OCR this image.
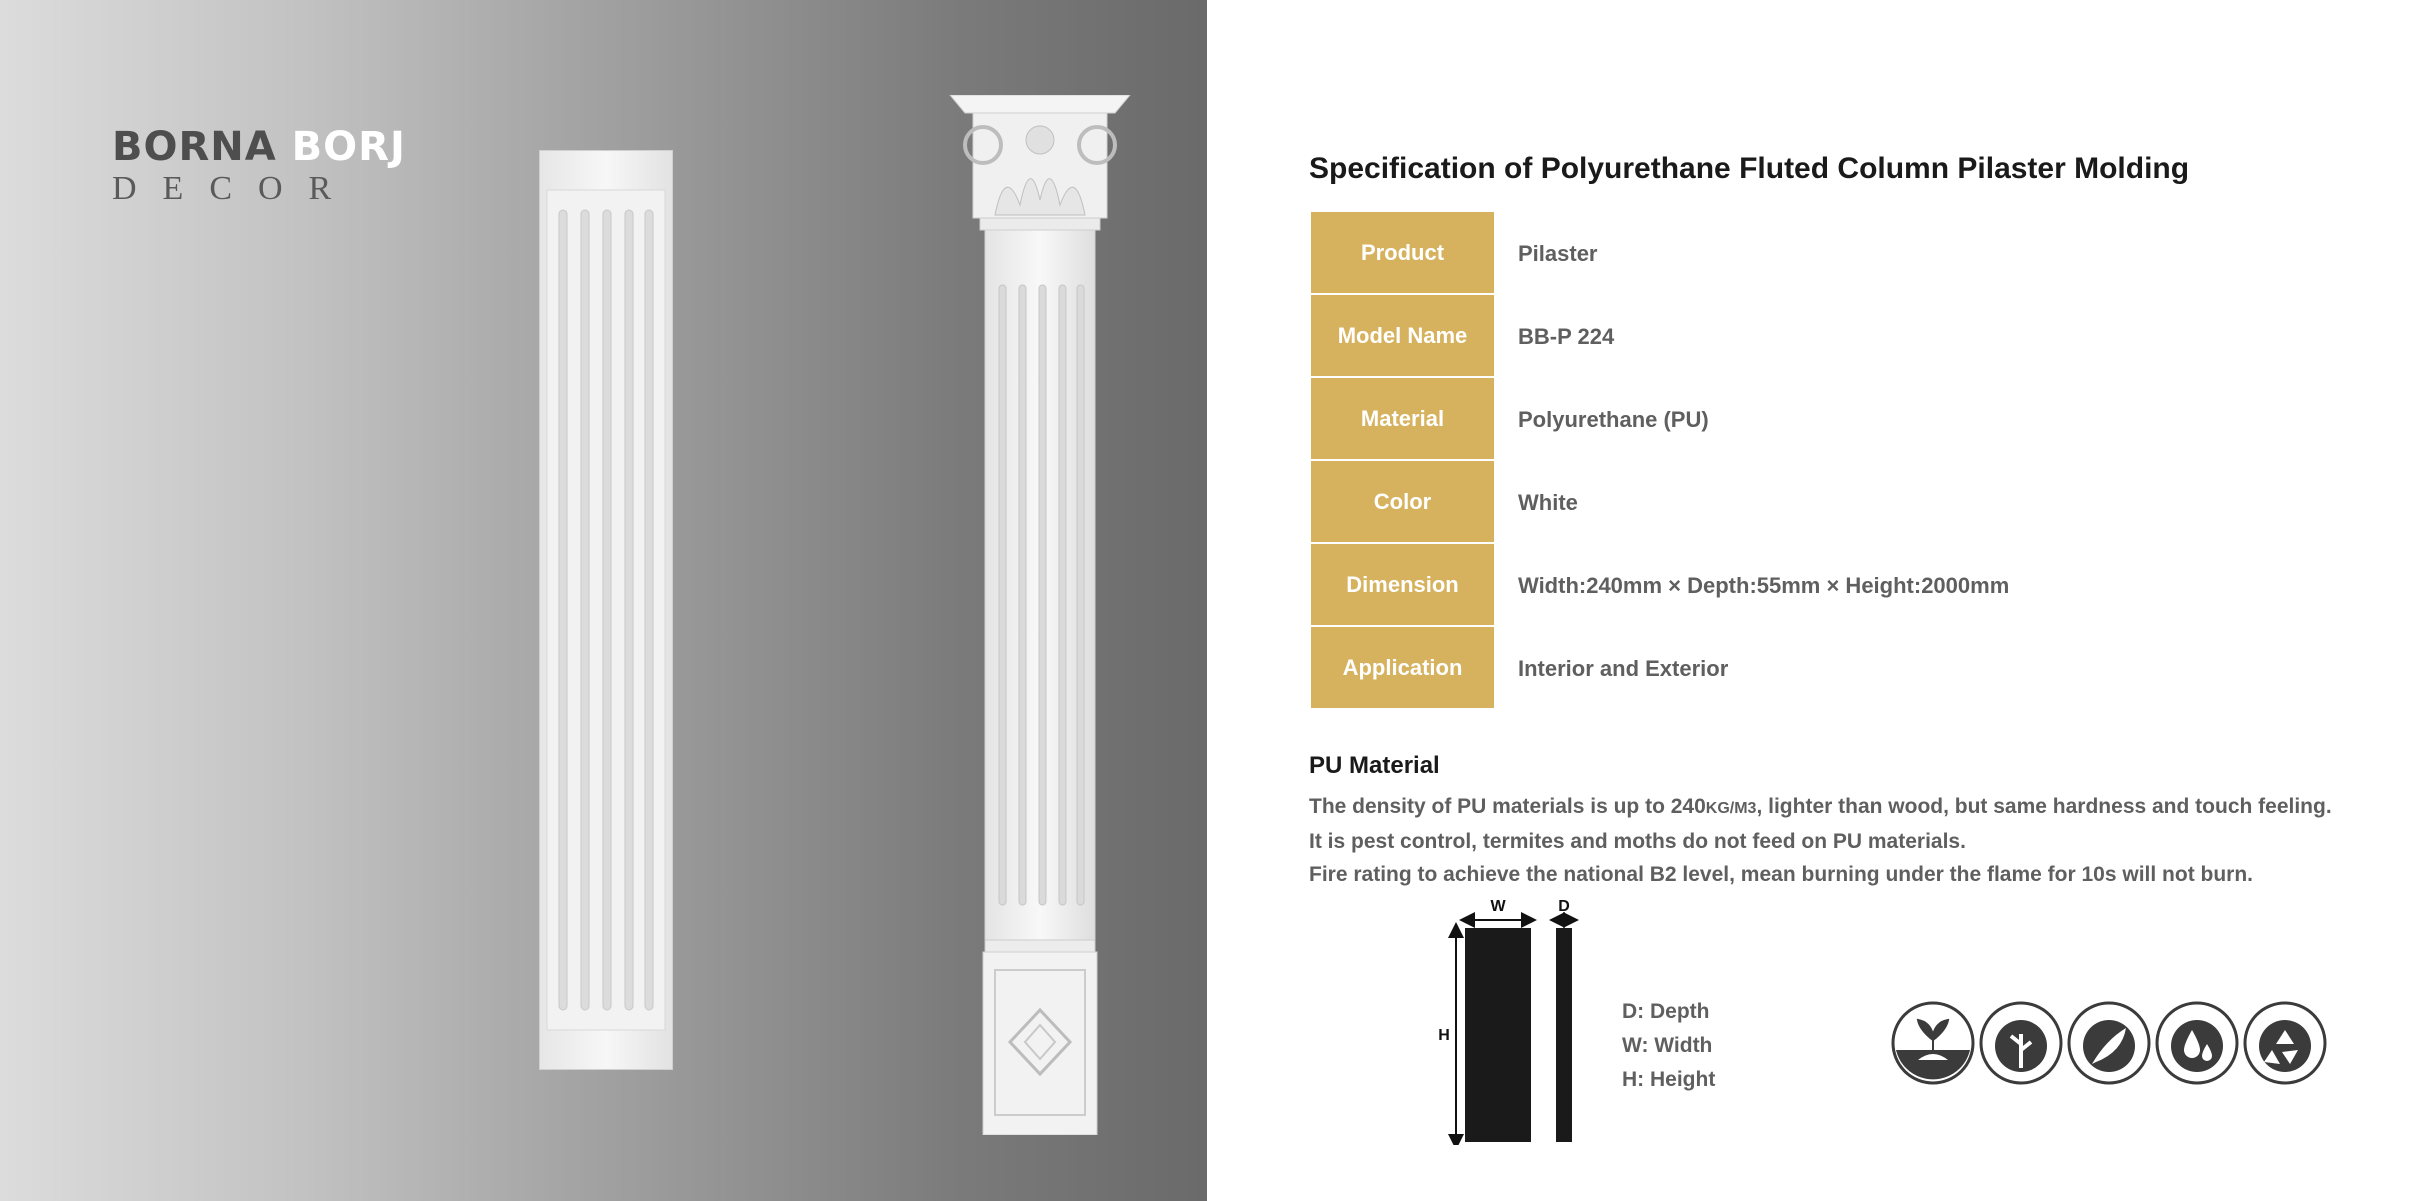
BORNA BORJ
DECOR
Specification of Polyurethane Fluted Column Pilaster Molding
Product	Pilaster
Model Name	BB-P 224
Material	Polyurethane (PU)
Color	White
Dimension	Width:240mm × Depth:55mm × Height:2000mm
Application	Interior and Exterior
PU Material
The density of PU materials is up to 240KG/M3, lighter than wood, but same hardness and touch feeling.
It is pest control, termites and moths do not feed on PU materials.
Fire rating to achieve the national B2 level, mean burning under the flame for 10s will not burn.
W	D
H
D: Depth
W: Width
H: Height
